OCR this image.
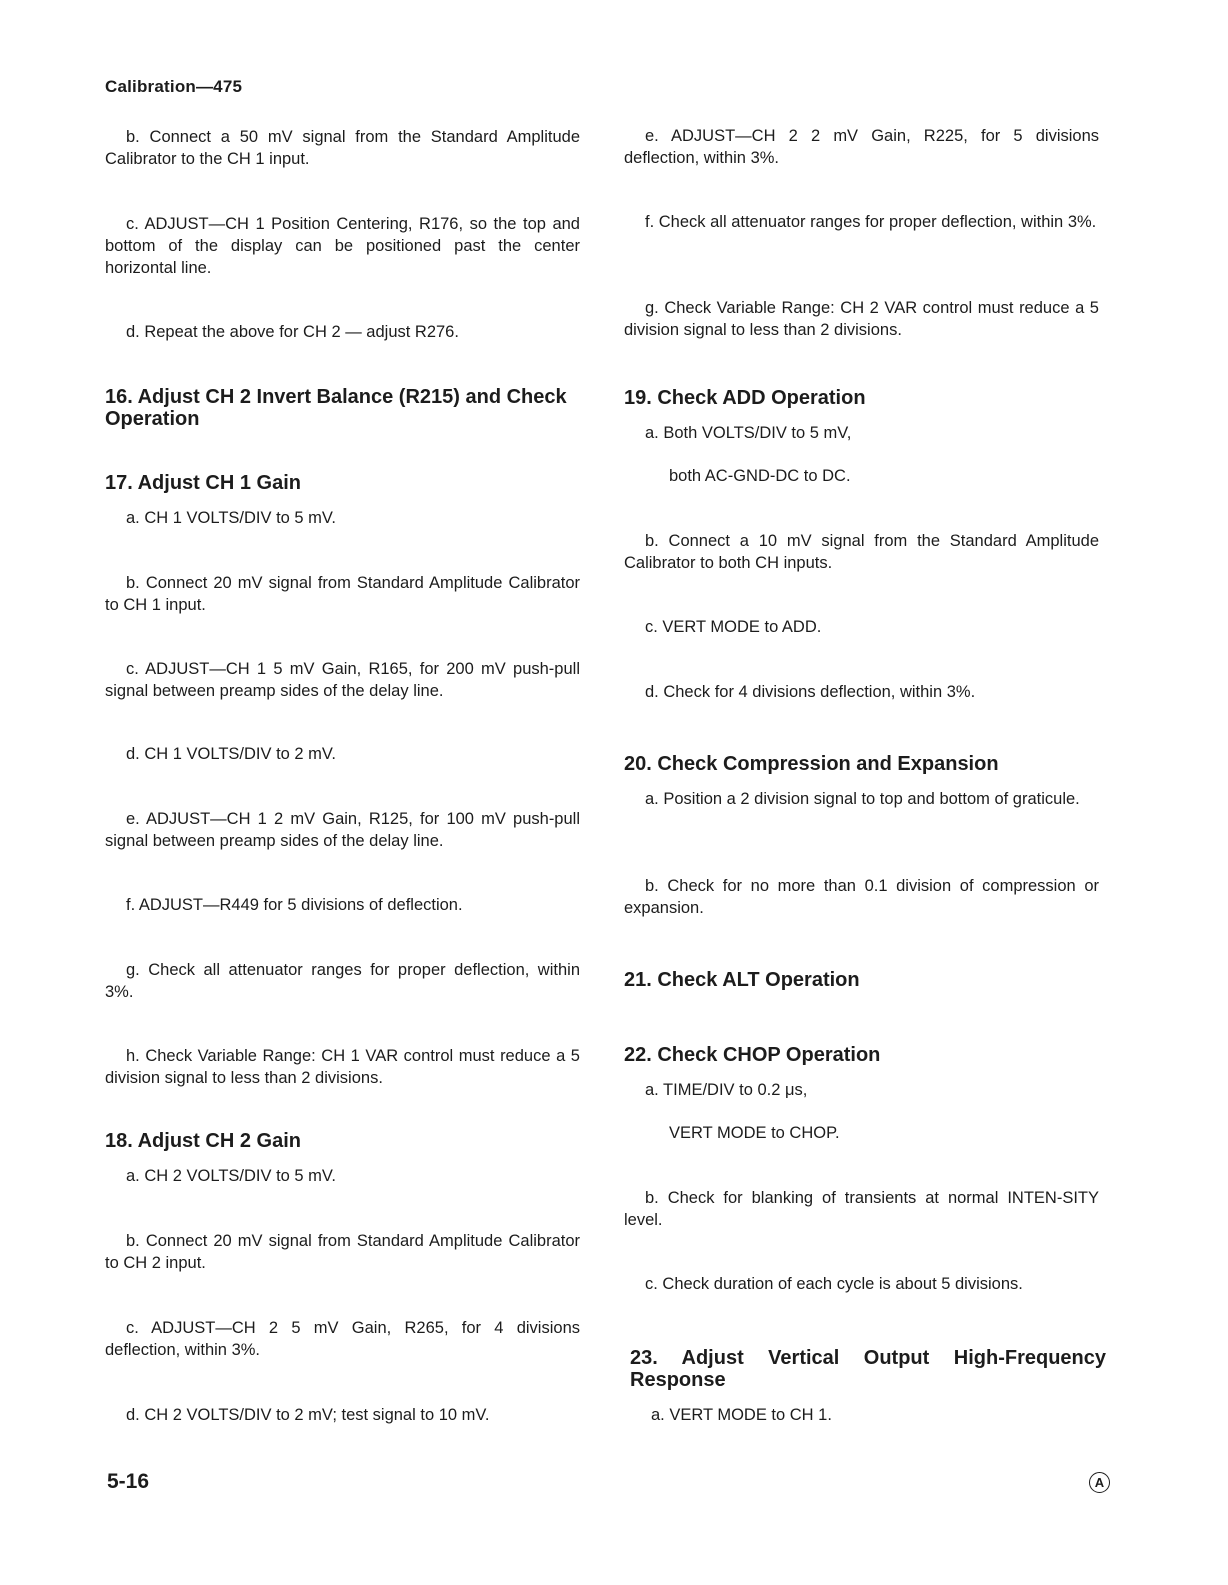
Calibration—475
b. Connect a 50 mV signal from the Standard Amplitude Calibrator to the CH 1 input.
c. ADJUST—CH 1 Position Centering, R176, so the top and bottom of the display can be positioned past the center horizontal line.
d. Repeat the above for CH 2 — adjust R276.
16. Adjust CH 2 Invert Balance (R215) and Check Operation
17. Adjust CH 1 Gain
a. CH 1 VOLTS/DIV to 5 mV.
b. Connect 20 mV signal from Standard Amplitude Calibrator to CH 1 input.
c. ADJUST—CH 1 5 mV Gain, R165, for 200 mV push-pull signal between preamp sides of the delay line.
d. CH 1 VOLTS/DIV to 2 mV.
e. ADJUST—CH 1 2 mV Gain, R125, for 100 mV push-pull signal between preamp sides of the delay line.
f. ADJUST—R449 for 5 divisions of deflection.
g. Check all attenuator ranges for proper deflection, within 3%.
h. Check Variable Range: CH 1 VAR control must reduce a 5 division signal to less than 2 divisions.
18. Adjust CH 2 Gain
a. CH 2 VOLTS/DIV to 5 mV.
b. Connect 20 mV signal from Standard Amplitude Calibrator to CH 2 input.
c. ADJUST—CH 2 5 mV Gain, R265, for 4 divisions deflection, within 3%.
d. CH 2 VOLTS/DIV to 2 mV; test signal to 10 mV.
e. ADJUST—CH 2 2 mV Gain, R225, for 5 divisions deflection, within 3%.
f. Check all attenuator ranges for proper deflection, within 3%.
g. Check Variable Range: CH 2 VAR control must reduce a 5 division signal to less than 2 divisions.
19. Check ADD Operation
a. Both VOLTS/DIV to 5 mV,
both AC-GND-DC to DC.
b. Connect a 10 mV signal from the Standard Amplitude Calibrator to both CH inputs.
c. VERT MODE to ADD.
d. Check for 4 divisions deflection, within 3%.
20. Check Compression and Expansion
a. Position a 2 division signal to top and bottom of graticule.
b. Check for no more than 0.1 division of compression or expansion.
21. Check ALT Operation
22. Check CHOP Operation
a. TIME/DIV to 0.2 μs,
VERT MODE to CHOP.
b. Check for blanking of transients at normal INTEN-SITY level.
c. Check duration of each cycle is about 5 divisions.
23. Adjust Vertical Output High-Frequency Response
a. VERT MODE to CH 1.
5-16	A
